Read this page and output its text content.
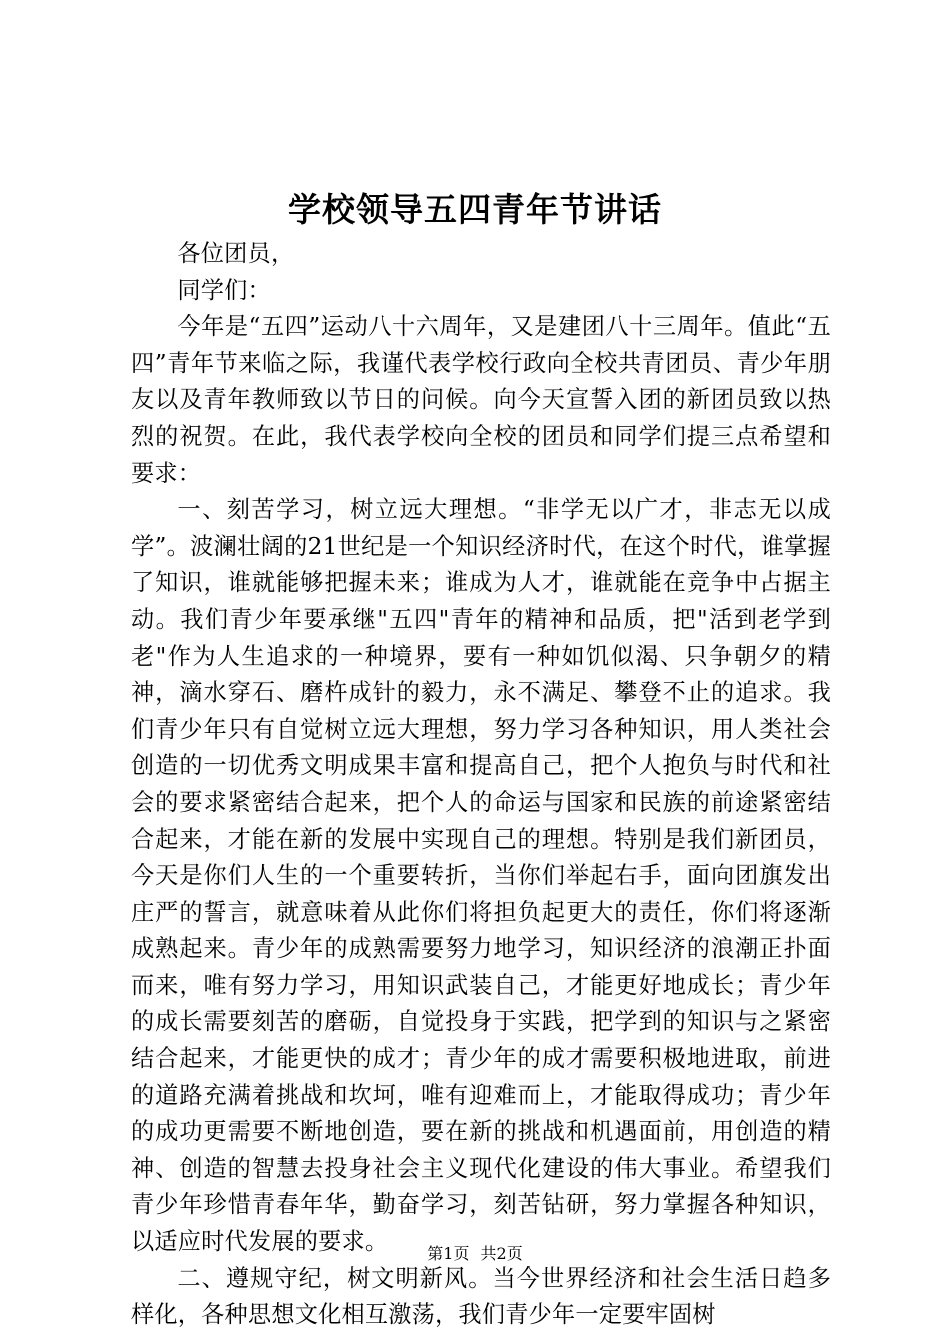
学校领导五四青年节讲话

各位团员，

同学们：

今年是“五四”运动八十六周年，又是建团八十三周年。值此“五四”青年节来临之际，我谨代表学校行政向全校共青团员、青少年朋友以及青年教师致以节日的问候。向今天宣誓入团的新团员致以热烈的祝贺。在此，我代表学校向全校的团员和同学们提三点希望和要求：

一、刻苦学习，树立远大理想。“非学无以广才，非志无以成学”。波澜壮阔的21世纪是一个知识经济时代，在这个时代，谁掌握了知识，谁就能够把握未来；谁成为人才，谁就能在竞争中占据主动。我们青少年要承继"五四"青年的精神和品质，把"活到老学到老"作为人生追求的一种境界，要有一种如饥似渴、只争朝夕的精神，滴水穿石、磨杵成针的毅力，永不满足、攀登不止的追求。我们青少年只有自觉树立远大理想，努力学习各种知识，用人类社会创造的一切优秀文明成果丰富和提高自己，把个人抱负与时代和社会的要求紧密结合起来，把个人的命运与国家和民族的前途紧密结合起来，才能在新的发展中实现自己的理想。特别是我们新团员，今天是你们人生的一个重要转折，当你们举起右手，面向团旗发出庄严的誓言，就意味着从此你们将担负起更大的责任，你们将逐渐成熟起来。青少年的成熟需要努力地学习，知识经济的浪潮正扑面而来，唯有努力学习，用知识武装自己，才能更好地成长；青少年的成长需要刻苦的磨砺，自觉投身于实践，把学到的知识与之紧密结合起来，才能更快的成才；青少年的成才需要积极地进取，前进的道路充满着挑战和坎坷，唯有迎难而上，才能取得成功；青少年的成功更需要不断地创造，要在新的挑战和机遇面前，用创造的精神、创造的智慧去投身社会主义现代化建设的伟大事业。希望我们青少年珍惜青春年华，勤奋学习，刻苦钻研，努力掌握各种知识，以适应时代发展的要求。

二、遵规守纪，树文明新风。当今世界经济和社会生活日趋多样化，各种思想文化相互激荡，我们青少年一定要牢固树

第1页 共2页
